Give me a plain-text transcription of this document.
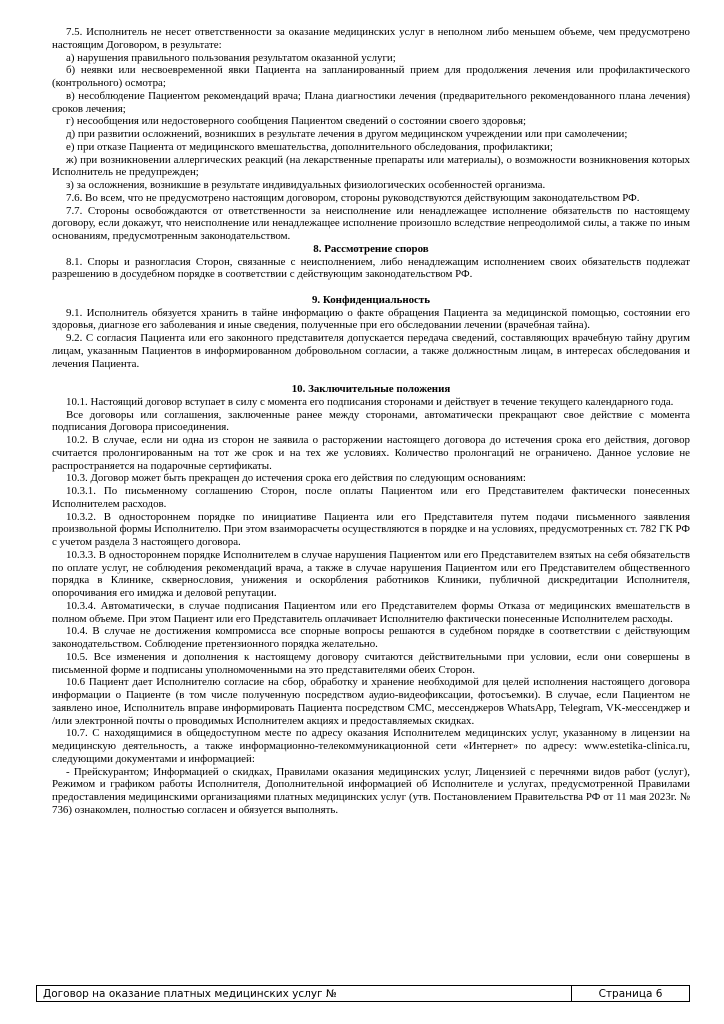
7.5. Исполнитель не несет ответственности за оказание медицинских услуг в неполном либо меньшем объеме, чем предусмотрено настоящим Договором, в результате:

а) нарушения правильного пользования результатом оказанной услуги;

б) неявки или несвоевременной явки Пациента на запланированный прием для продолжения лечения или профилактического (контрольного) осмотра;

в) несоблюдение Пациентом рекомендаций врача; Плана диагностики лечения (предварительного рекомендованного плана лечения) сроков лечения;

г) несообщения или недостоверного сообщения Пациентом сведений о состоянии своего здоровья;

д) при развитии осложнений, возникших в результате лечения в другом медицинском учреждении или при самолечении;

е) при отказе Пациента от медицинского вмешательства, дополнительного обследования, профилактики;

ж) при возникновении аллергических реакций (на лекарственные препараты или материалы), о возможности возникновения которых Исполнитель не предупрежден;

з) за осложнения, возникшие в результате индивидуальных физиологических особенностей организма.

7.6. Во всем, что не предусмотрено настоящим договором, стороны руководствуются действующим законодательством РФ.

7.7. Стороны освобождаются от ответственности за неисполнение или ненадлежащее исполнение обязательств по настоящему договору, если докажут, что неисполнение или ненадлежащее исполнение произошло вследствие непреодолимой силы, а также по иным основаниям, предусмотренным законодательством.

8. Рассмотрение споров

8.1. Споры и разногласия Сторон, связанные с неисполнением, либо ненадлежащим исполнением своих обязательств подлежат разрешению в досудебном порядке в соответствии с действующим законодательством РФ.

9. Конфиденциальность

9.1. Исполнитель обязуется хранить в тайне информацию о факте обращения Пациента за медицинской помощью, состоянии его здоровья, диагнозе его заболевания и иные сведения, полученные при его обследовании лечении (врачебная тайна).

9.2. С согласия Пациента или его законного представителя допускается передача сведений, составляющих врачебную тайну другим лицам, указанным Пациентов в информированном добровольном согласии, а также должностным лицам, в интересах обследования и лечения Пациента.

10. Заключительные положения

10.1. Настоящий договор вступает в силу с момента его подписания сторонами и действует в течение текущего календарного года.

Все договоры или соглашения, заключенные ранее между сторонами, автоматически прекращают свое действие с момента подписания Договора присоединения.

10.2. В случае, если ни одна из сторон не заявила о расторжении настоящего договора до истечения срока его действия, договор считается пролонгированным на тот же срок и на тех же условиях. Количество пролонгаций не ограничено. Данное условие не распространяется на подарочные сертификаты.

10.3. Договор может быть прекращен до истечения срока его действия по следующим основаниям:

10.3.1. По письменному соглашению Сторон, после оплаты Пациентом или его Представителем фактически понесенных Исполнителем расходов.

10.3.2. В одностороннем порядке по инициативе Пациента или его Представителя путем подачи письменного заявления произвольной формы Исполнителю. При этом взаиморасчеты осуществляются в порядке и на условиях, предусмотренных ст. 782 ГК РФ с учетом раздела 3 настоящего договора.

10.3.3. В одностороннем порядке Исполнителем в случае нарушения Пациентом или его Представителем взятых на себя обязательств по оплате услуг, не соблюдения рекомендаций врача, а также в случае нарушения Пациентом или его Представителем общественного порядка в Клинике, сквернословия, унижения и оскорбления работников Клиники, публичной дискредитации Исполнителя, опорочивания его имиджа и деловой репутации.

10.3.4. Автоматически, в случае подписания Пациентом или его Представителем формы Отказа от медицинских вмешательств в полном объеме. При этом Пациент или его Представитель оплачивает Исполнителю фактически понесенные Исполнителем расходы.

10.4. В случае не достижения компромисса все спорные вопросы решаются в судебном порядке в соответствии с действующим законодательством. Соблюдение претензионного порядка желательно.

10.5. Все изменения и дополнения к настоящему договору считаются действительными при условии, если они совершены в письменной форме и подписаны уполномоченными на это представителями обеих Сторон.

10.6 Пациент дает Исполнителю согласие на сбор, обработку и хранение необходимой для целей исполнения настоящего договора информации о Пациенте (в том числе полученную посредством аудио-видеофиксации, фотосъемки). В случае, если Пациентом не заявлено иное, Исполнитель вправе информировать Пациента посредством СМС, мессенджеров WhatsApp, Telegram, VK-мессенджер и /или электронной почты о проводимых Исполнителем акциях и предоставляемых скидках.

10.7. С находящимися в общедоступном месте по адресу оказания Исполнителем медицинских услуг, указанному в лицензии на медицинскую деятельность, а также информационно-телекоммуникационной сети «Интернет» по адресу: www.estetika-clinica.ru, следующими документами и информацией:

- Прейскурантом; Информацией о скидках, Правилами оказания медицинских услуг, Лицензией с перечнями видов работ (услуг), Режимом и графиком работы Исполнителя, Дополнительной информацией об Исполнителе и услугах, предусмотренной Правилами предоставления медицинскими организациями платных медицинских услуг (утв. Постановлением Правительства РФ от 11 мая 2023г. № 736) ознакомлен, полностью согласен и обязуется выполнять.

Договор на оказание платных медицинских услуг №	Страница 6
